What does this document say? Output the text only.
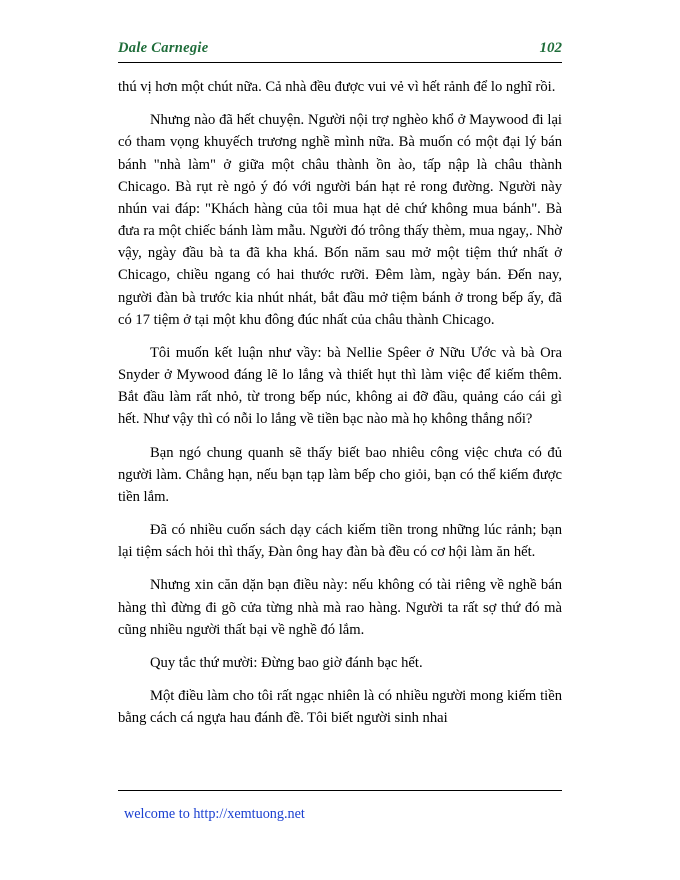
Dale Carnegie	102

thú vị hơn một chút nữa. Cả nhà đều được vui vẻ vì hết rảnh để lo nghĩ rồi.

Nhưng nào đã hết chuyện. Người nội trợ nghèo khổ ở Maywood đi lại có tham vọng khuyếch trương nghề mình nữa. Bà muốn có một đại lý bán bánh "nhà làm" ở giữa một châu thành ồn ào, tấp nập là châu thành Chicago. Bà rụt rè ngỏ ý đó với người bán hạt rẻ rong đường. Người này nhún vai đáp: "Khách hàng của tôi mua hạt dẻ chứ không mua bánh". Bà đưa ra một chiếc bánh làm mẫu. Người đó trông thấy thèm, mua ngay,. Nhờ vậy, ngày đầu bà ta đã kha khá. Bốn năm sau mở một tiệm thứ nhất ở Chicago, chiều ngang có hai thước rưỡi. Đêm làm, ngày bán. Đến nay, người đàn bà trước kia nhút nhát, bắt đầu mở tiệm bánh ở trong bếp ấy, đã có 17 tiệm ở tại một khu đông đúc nhất của châu thành Chicago.

Tôi muốn kết luận như vầy: bà Nellie Spêer ở Nữu Ước và bà Ora Snyder ở Mywood đáng lẽ lo lắng và thiết hụt thì làm việc để kiếm thêm. Bắt đầu làm rất nhỏ, từ trong bếp núc, không ai đỡ đầu, quảng cáo cái gì hết. Như vậy thì có nỗi lo lắng về tiền bạc nào mà họ không thắng nổi?

Bạn ngó chung quanh sẽ thấy biết bao nhiêu công việc chưa có đủ người làm. Chẳng hạn, nếu bạn tạp làm bếp cho giỏi, bạn có thể kiếm được tiền lắm.

Đã có nhiều cuốn sách dạy cách kiếm tiền trong những lúc rảnh; bạn lại tiệm sách hỏi thì thấy, Đàn ông hay đàn bà đều có cơ hội làm ăn hết.

Nhưng xin căn dặn bạn điều này: nếu không có tài riêng về nghề bán hàng thì đừng đi gõ cửa từng nhà mà rao hàng. Người ta rất sợ thứ đó mà cũng nhiều người thất bại về nghề đó lắm.

Quy tắc thứ mười: Đừng bao giờ đánh bạc hết.

Một điều làm cho tôi rất ngạc nhiên là có nhiều người mong kiếm tiền bằng cách cá ngựa hau đánh đề. Tôi biết người sinh nhai

welcome to http://xemtuong.net
